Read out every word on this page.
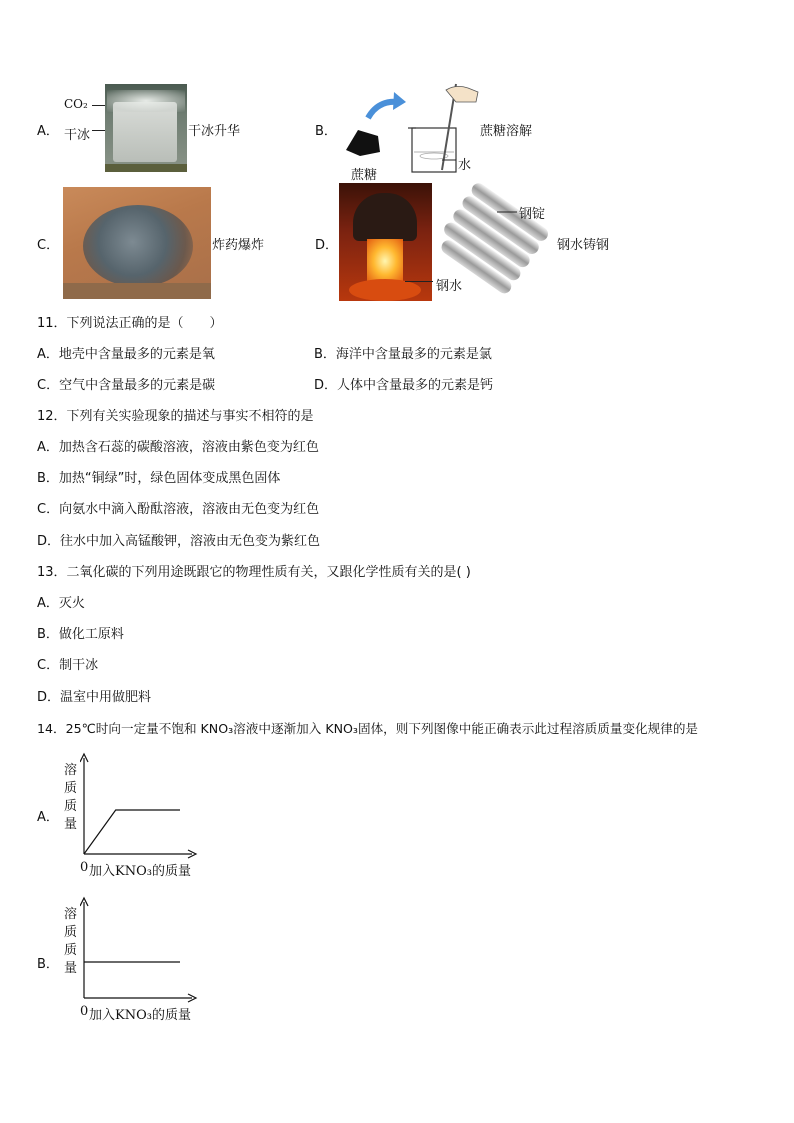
A．
CO₂
干冰	干冰升华	B．
蔗糖
水
蔗糖溶解
C．	炸药爆炸	D．
钢锭
钢水
钢水铸钢
11．下列说法正确的是（　　）
A．地壳中含量最多的元素是氧	B．海洋中含量最多的元素是氯
C．空气中含量最多的元素是碳	D．人体中含量最多的元素是钙
12．下列有关实验现象的描述与事实不相符的是
A．加热含石蕊的碳酸溶液，溶液由紫色变为红色
B．加热“铜绿”时，绿色固体变成黑色固体
C．向氨水中滴入酚酞溶液，溶液由无色变为红色
D．往水中加入高锰酸钾，溶液由无色变为紫红色
13．二氧化碳的下列用途既跟它的物理性质有关，又跟化学性质有关的是( )
A．灭火
B．做化工原料
C．制干冰
D．温室中用做肥料
14．25℃时向一定量不饱和 KNO₃溶液中逐渐加入 KNO₃固体，则下列图像中能正确表示此过程溶质质量变化规律的是
A．
溶
质
质
量
0 加入KNO₃的质量
B．
溶
质
质
量
0 加入KNO₃的质量
